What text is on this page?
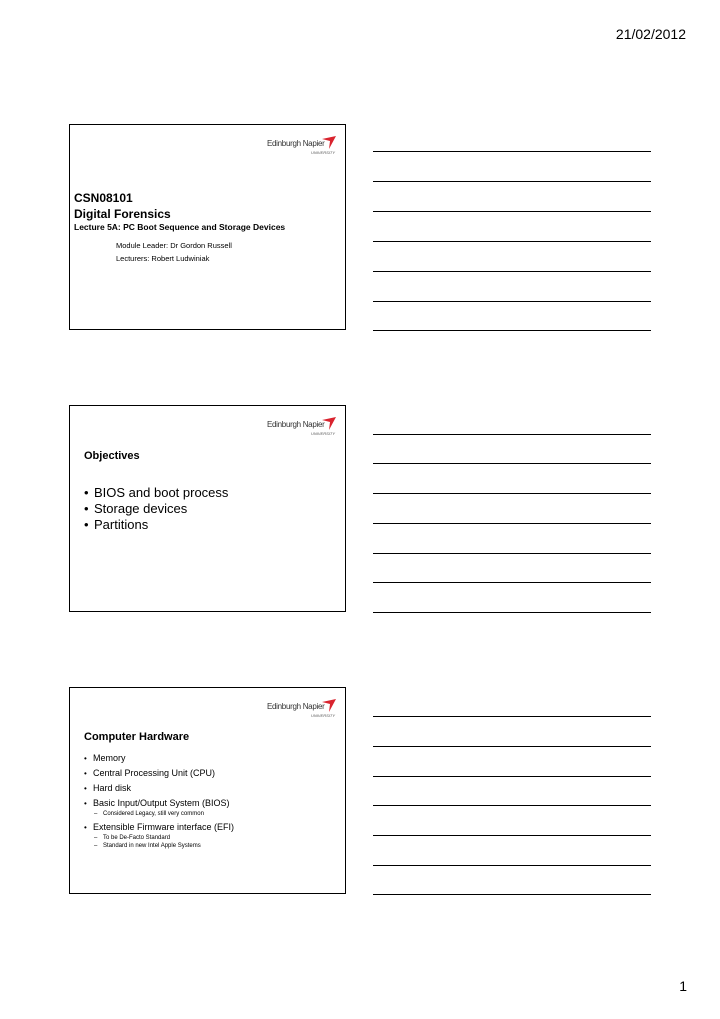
21/02/2012
Edinburgh Napier
UNIVERSITY
CSN08101
Digital Forensics
Lecture 5A: PC Boot Sequence and Storage Devices
Module Leader: Dr Gordon Russell
Lecturers: Robert Ludwiniak
Edinburgh Napier
UNIVERSITY
Objectives
• BIOS and boot process
• Storage devices
• Partitions
Edinburgh Napier
UNIVERSITY
Computer Hardware
• Memory
• Central Processing Unit (CPU)
• Hard disk
• Basic Input/Output System (BIOS)
– Considered Legacy, still very common
• Extensible Firmware interface (EFI)
– To be De-Facto Standard
– Standard in new Intel Apple Systems
1
